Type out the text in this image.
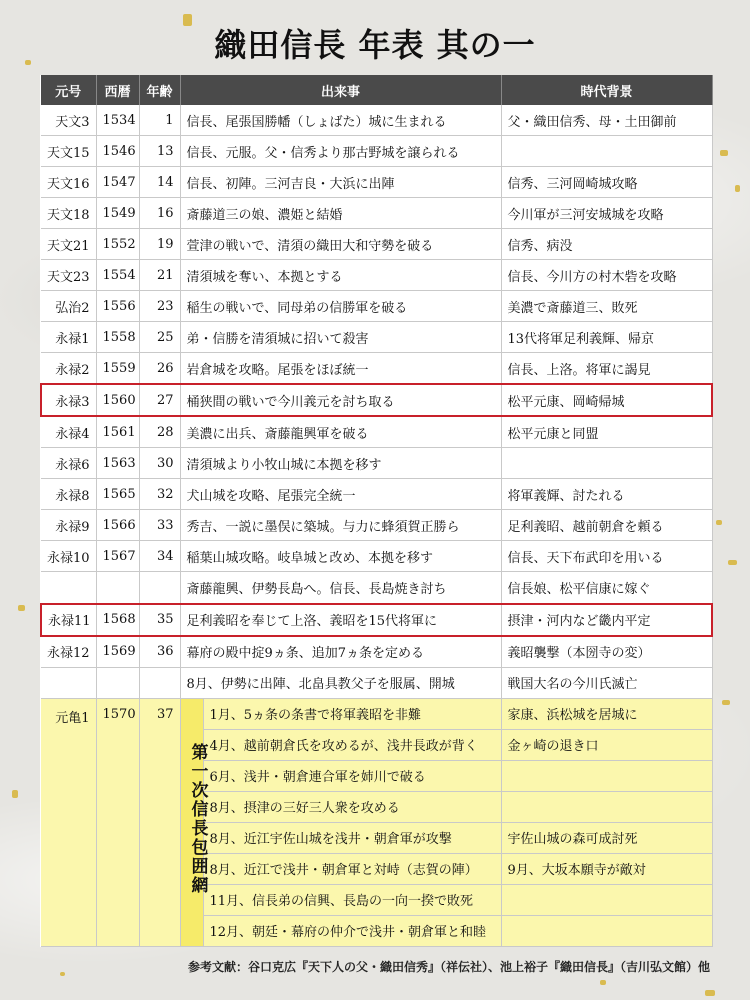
織田信長 年表 其の一
元号	西暦	年齢	出来事		時代背景
天文3	1534	1	信長、尾張国勝幡（しょばた）城に生まれる		父・織田信秀、母・土田御前
天文15	1546	13	信長、元服。父・信秀より那古野城を譲られる		
天文16	1547	14	信長、初陣。三河吉良・大浜に出陣		信秀、三河岡崎城攻略
天文18	1549	16	斎藤道三の娘、濃姫と結婚		今川軍が三河安城城を攻略
天文21	1552	19	萱津の戦いで、清須の織田大和守勢を破る		信秀、病没
天文23	1554	21	清須城を奪い、本拠とする		信長、今川方の村木砦を攻略
弘治2	1556	23	稲生の戦いで、同母弟の信勝軍を破る		美濃で斎藤道三、敗死
永禄1	1558	25	弟・信勝を清須城に招いて殺害		13代将軍足利義輝、帰京
永禄2	1559	26	岩倉城を攻略。尾張をほぼ統一		信長、上洛。将軍に謁見
永禄3	1560	27	桶狭間の戦いで今川義元を討ち取る		松平元康、岡崎帰城
永禄4	1561	28	美濃に出兵、斎藤龍興軍を破る		松平元康と同盟
永禄6	1563	30	清須城より小牧山城に本拠を移す		
永禄8	1565	32	犬山城を攻略、尾張完全統一		将軍義輝、討たれる
永禄9	1566	33	秀吉、一説に墨俣に築城。与力に蜂須賀正勝ら		足利義昭、越前朝倉を頼る
永禄10	1567	34	稲葉山城攻略。岐阜城と改め、本拠を移す		信長、天下布武印を用いる
			斎藤龍興、伊勢長島へ。信長、長島焼き討ち		信長娘、松平信康に嫁ぐ
永禄11	1568	35	足利義昭を奉じて上洛、義昭を15代将軍に		摂津・河内など畿内平定
永禄12	1569	36	幕府の殿中掟9ヵ条、追加7ヵ条を定める		義昭襲撃（本圀寺の変）
			8月、伊勢に出陣、北畠具教父子を服属、開城		戦国大名の今川氏滅亡
元亀1	1570	37	第一次信長包囲網	1月、5ヵ条の条書で将軍義昭を非難	家康、浜松城を居城に
				4月、越前朝倉氏を攻めるが、浅井長政が背く	金ヶ崎の退き口
				6月、浅井・朝倉連合軍を姉川で破る	
				8月、摂津の三好三人衆を攻める	
				8月、近江宇佐山城を浅井・朝倉軍が攻撃	宇佐山城の森可成討死
				8月、近江で浅井・朝倉軍と対峙（志賀の陣）	9月、大坂本願寺が敵対
				11月、信長弟の信興、長島の一向一揆で敗死	
				12月、朝廷・幕府の仲介で浅井・朝倉軍と和睦	
参考文献：谷口克広『天下人の父・織田信秀』（祥伝社）、池上裕子『織田信長』（吉川弘文館）他
